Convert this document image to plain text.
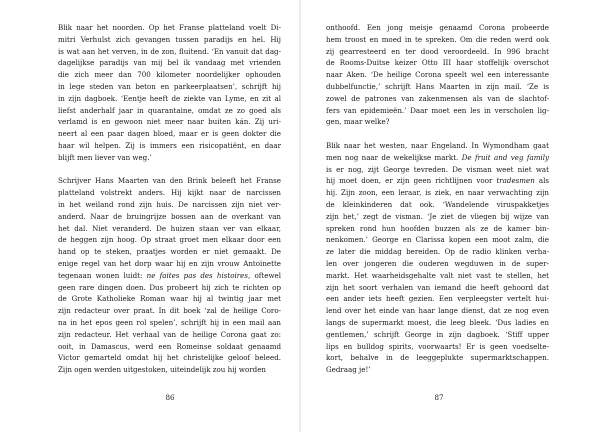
Blik naar het noorden. Op het Franse platteland voelt Di-
mitri Verhulst zich gevangen tussen paradijs en hel. Hij
is wat aan het verven, in de zon, fluitend. ‘En vanuit dat dag-
dagelijkse paradijs van mij bel ik vandaag met vrienden
die zich meer dan 700 kilometer noordelijker ophouden
in lege steden van beton en parkeerplaatsen’, schrijft hij
in zijn dagboek. ‘Eentje heeft de ziekte van Lyme, en zit al
liefst anderhalf jaar in quarantaine, omdat ze zo goed als
verlamd is en gewoon niet meer naar buiten kán. Zij uri-
neert al een paar dagen bloed, maar er is geen dokter die
haar wil helpen. Zij is immers een risicopatiënt, en daar
blijft men liever van weg.’
Schrijver Hans Maarten van den Brink beleeft het Franse
platteland volstrekt anders. Hij kijkt naar de narcissen
in het weiland rond zijn huis. De narcissen zijn niet ver-
anderd. Naar de bruingrijze bossen aan de overkant van
het dal. Niet veranderd. De huizen staan ver van elkaar,
de heggen zijn hoog. Op straat groet men elkaar door een
hand op te steken, praatjes worden er niet gemaakt. De
enige regel van het dorp waar hij en zijn vrouw Antoinette
tegenaan wonen luidt: ne faites pas des histoires, oftewel
geen rare dingen doen. Dus probeert hij zich te richten op
de Grote Katholieke Roman waar hij al twintig jaar met
zijn redacteur over praat. In dit boek ‘zal de heilige Coro-
na in het epos geen rol spelen’, schrijft hij in een mail aan
zijn redacteur. Het verhaal van de heilige Corona gaat zo:
ooit, in Damascus, werd een Romeinse soldaat genaamd
Victor gemarteld omdat hij het christelijke geloof beleed.
Zijn ogen werden uitgestoken, uiteindelijk zou hij worden
86
onthoofd. Een jong meisje genaamd Corona probeerde
hem troost en moed in te spreken. Om die reden werd ook
zij gearresteerd en ter dood veroordeeld. In 996 bracht
de Rooms-Duitse keizer Otto III haar stoffelijk overschot
naar Aken. ‘De heilige Corona speelt wel een interessante
dubbelfunctie,’ schrijft Hans Maarten in zijn mail. ‘Ze is
zowel de patrones van zakenmensen als van de slachtof-
fers van epidemieën.’ Daar moet een les in verscholen lig-
gen, maar welke?
Blik naar het westen, naar Engeland. In Wymondham gaat
men nog naar de wekelijkse markt. De fruit and veg family
is er nog, zijt George tevreden. De visman weet niet wat
hij moet doen, er zijn geen richtlijnen voor tradesmen als
hij. Zijn zoon, een leraar, is ziek, en naar verwachting zijn
de kleinkinderen dat ook. ‘Wandelende viruspakketjes
zijn het,’ zegt de visman. ‘Je ziet de vliegen bij wijze van
spreken rond hun hoofden buzzen als ze de kamer bin-
nenkomen.’ George en Clarissa kopen een moot zalm, die
ze later die middag bereiden. Op de radio klinken verha-
len over jongeren die ouderen wegduwen in de super-
markt. Het waarheidsgehalte valt niet vast te stellen, het
zijn het soort verhalen van iemand die heeft gehoord dat
een ander iets heeft gezien. Een verpleegster vertelt hui-
lend over het einde van haar lange dienst, dat ze nog even
langs de supermarkt moest, die leeg bleek. ‘Dus ladies en
gentlemen,’ schrijft George in zijn dagboek. ‘Stiff upper
lips en bulldog spirits, voorwaarts! Er is geen voedselte-
kort, behalve in de leeggeplukte supermarktschappen.
Gedraag je!’
87
